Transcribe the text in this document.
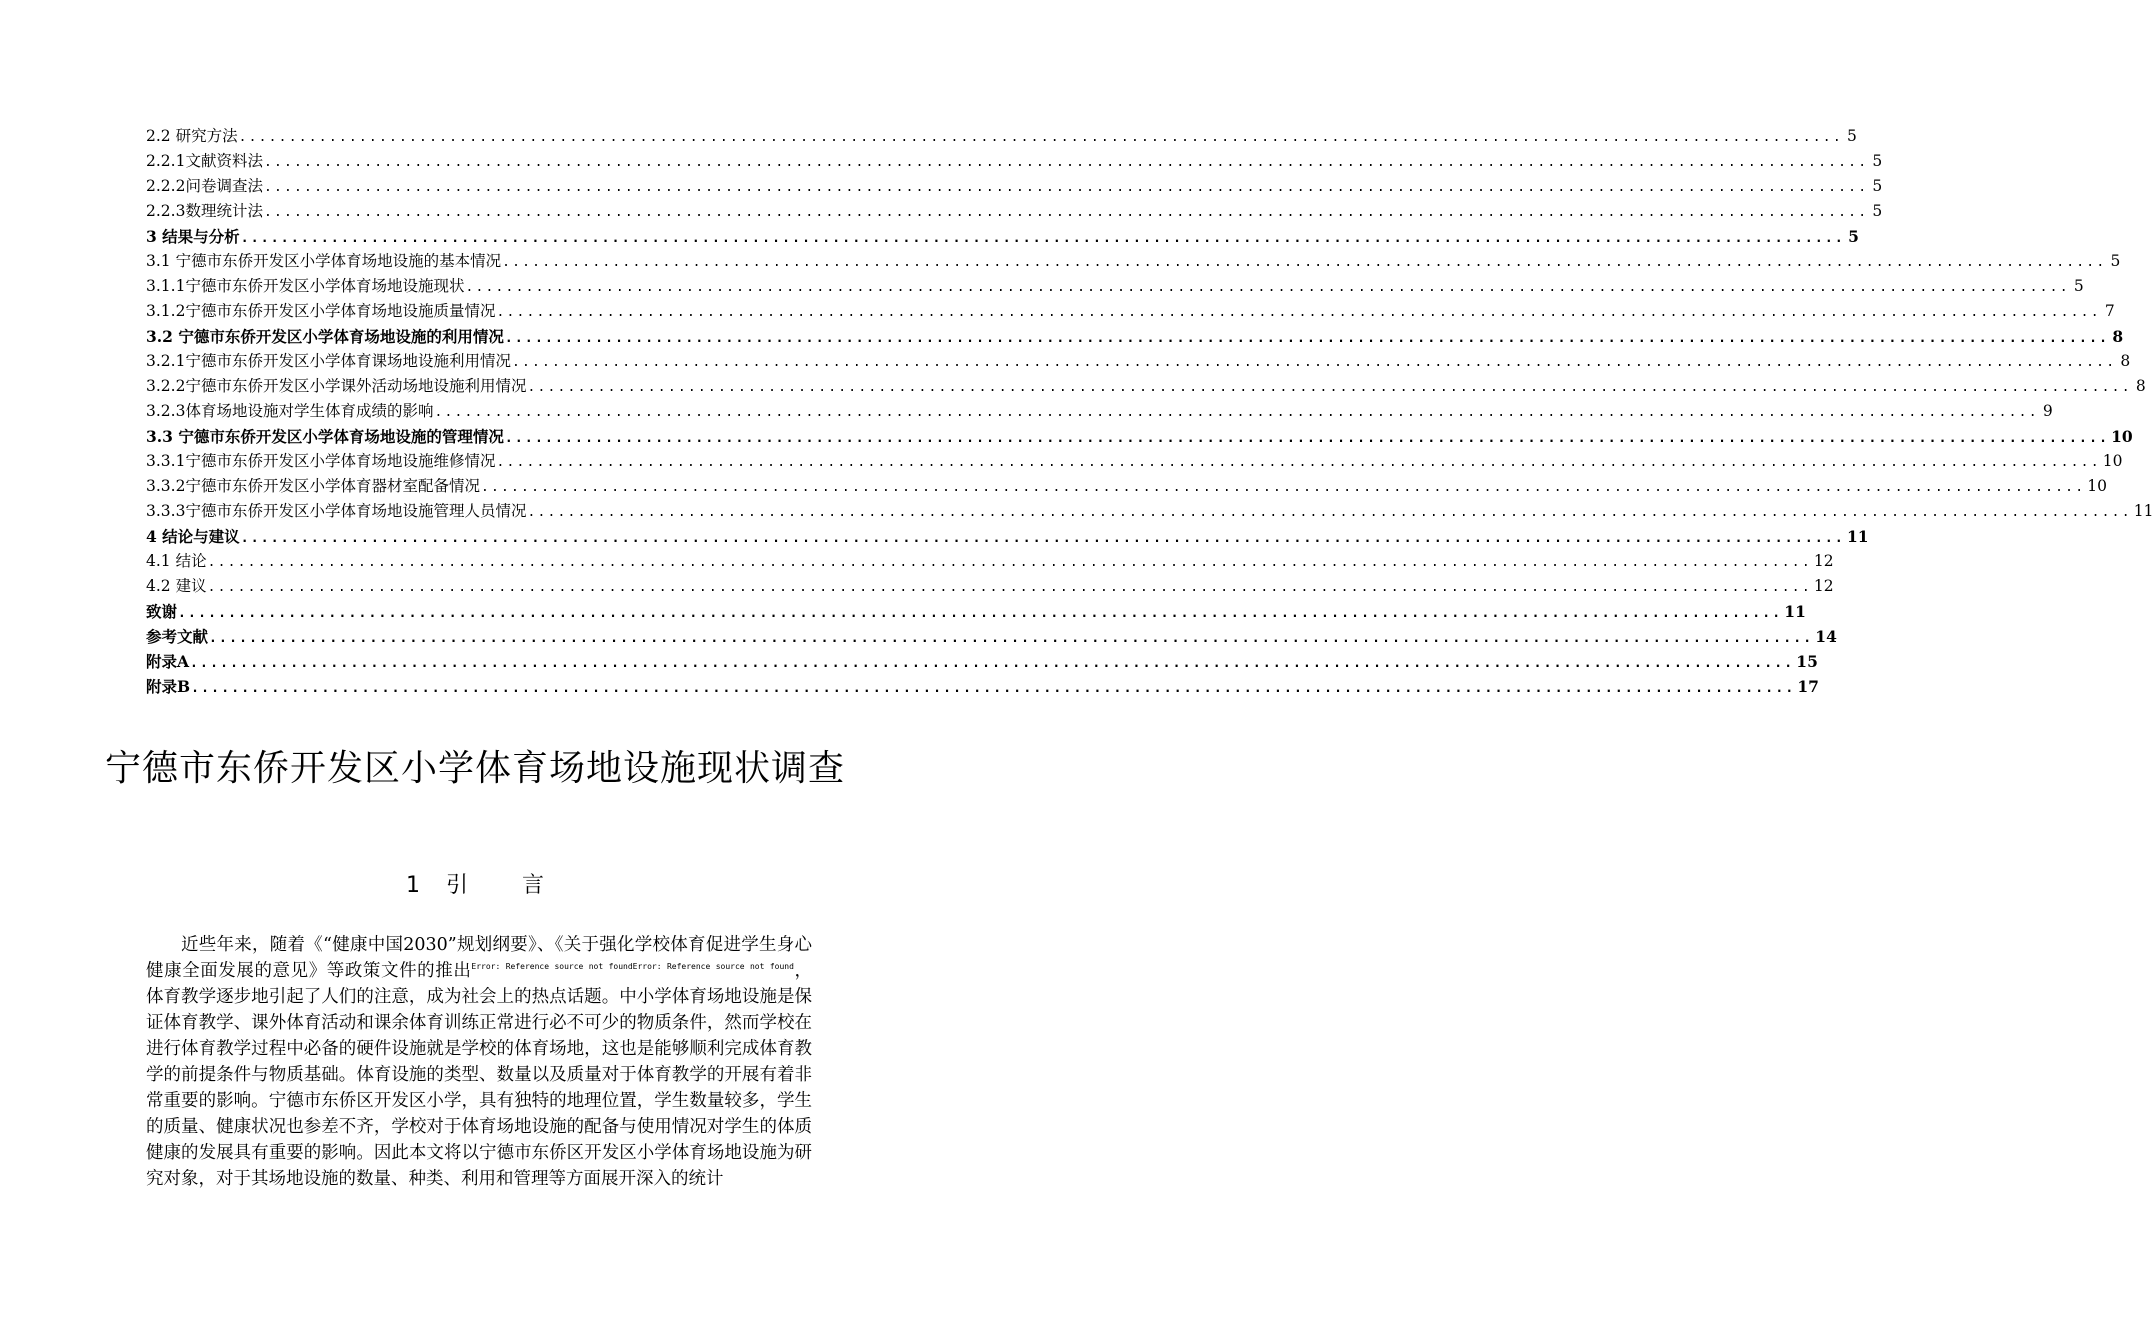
2.2 研究方法 ................................................................................................................................................................ 5
2.2.1文献资料法 ................................................................................................................................................................ 5
2.2.2问卷调查法 ................................................................................................................................................................ 5
2.2.3数理统计法 ................................................................................................................................................................ 5
3 结果与分析 ................................................................................................................................................................ 5
3.1 宁德市东侨开发区小学体育场地设施的基本情况 ................................................................................................................................................................ 5
3.1.1宁德市东侨开发区小学体育场地设施现状 ................................................................................................................................................................ 5
3.1.2宁德市东侨开发区小学体育场地设施质量情况 ................................................................................................................................................................ 7
3.2 宁德市东侨开发区小学体育场地设施的利用情况 ................................................................................................................................................................ 8
3.2.1宁德市东侨开发区小学体育课场地设施利用情况 ................................................................................................................................................................ 8
3.2.2宁德市东侨开发区小学课外活动场地设施利用情况 ................................................................................................................................................................ 8
3.2.3体育场地设施对学生体育成绩的影响 ................................................................................................................................................................ 9
3.3 宁德市东侨开发区小学体育场地设施的管理情况 ................................................................................................................................................................ 10
3.3.1宁德市东侨开发区小学体育场地设施维修情况 ................................................................................................................................................................ 10
3.3.2宁德市东侨开发区小学体育器材室配备情况 ................................................................................................................................................................ 10
3.3.3宁德市东侨开发区小学体育场地设施管理人员情况 ................................................................................................................................................................ 11
4 结论与建议 ................................................................................................................................................................ 11
4.1 结论 ................................................................................................................................................................ 12
4.2 建议 ................................................................................................................................................................ 12
致谢 ................................................................................................................................................................ 11
参考文献 ................................................................................................................................................................ 14
附录A ................................................................................................................................................................ 15
附录B ................................................................................................................................................................ 17
宁德市东侨开发区小学体育场地设施现状调查
1 引 言

近些年来，随着《“健康中国2030”规划纲要》、《关于强化学校体育促进学生身心健康全面发展的意见》等政策文件的推出$^{Error: Reference source not foundError: Reference source not found}$，体育教学逐步地引起了人们的注意，成为社会上的热点话题。中小学体育场地设施是保证体育教学、课外体育活动和课余体育训练正常进行必不可少的物质条件，然而学校在进行体育教学过程中必备的硬件设施就是学校的体育场地，这也是能够顺利完成体育教学的前提条件与物质基础。体育设施的类型、数量以及质量对于体育教学的开展有着非常重要的影响。宁德市东侨区开发区小学，具有独特的地理位置，学生数量较多，学生的质量、健康状况也参差不齐，学校对于体育场地设施的配备与使用情况对学生的体质健康的发展具有重要的影响。因此本文将以宁德市东侨区开发区小学体育场地设施为研究对象，对于其场地设施的数量、种类、利用和管理等方面展开深入的统计
